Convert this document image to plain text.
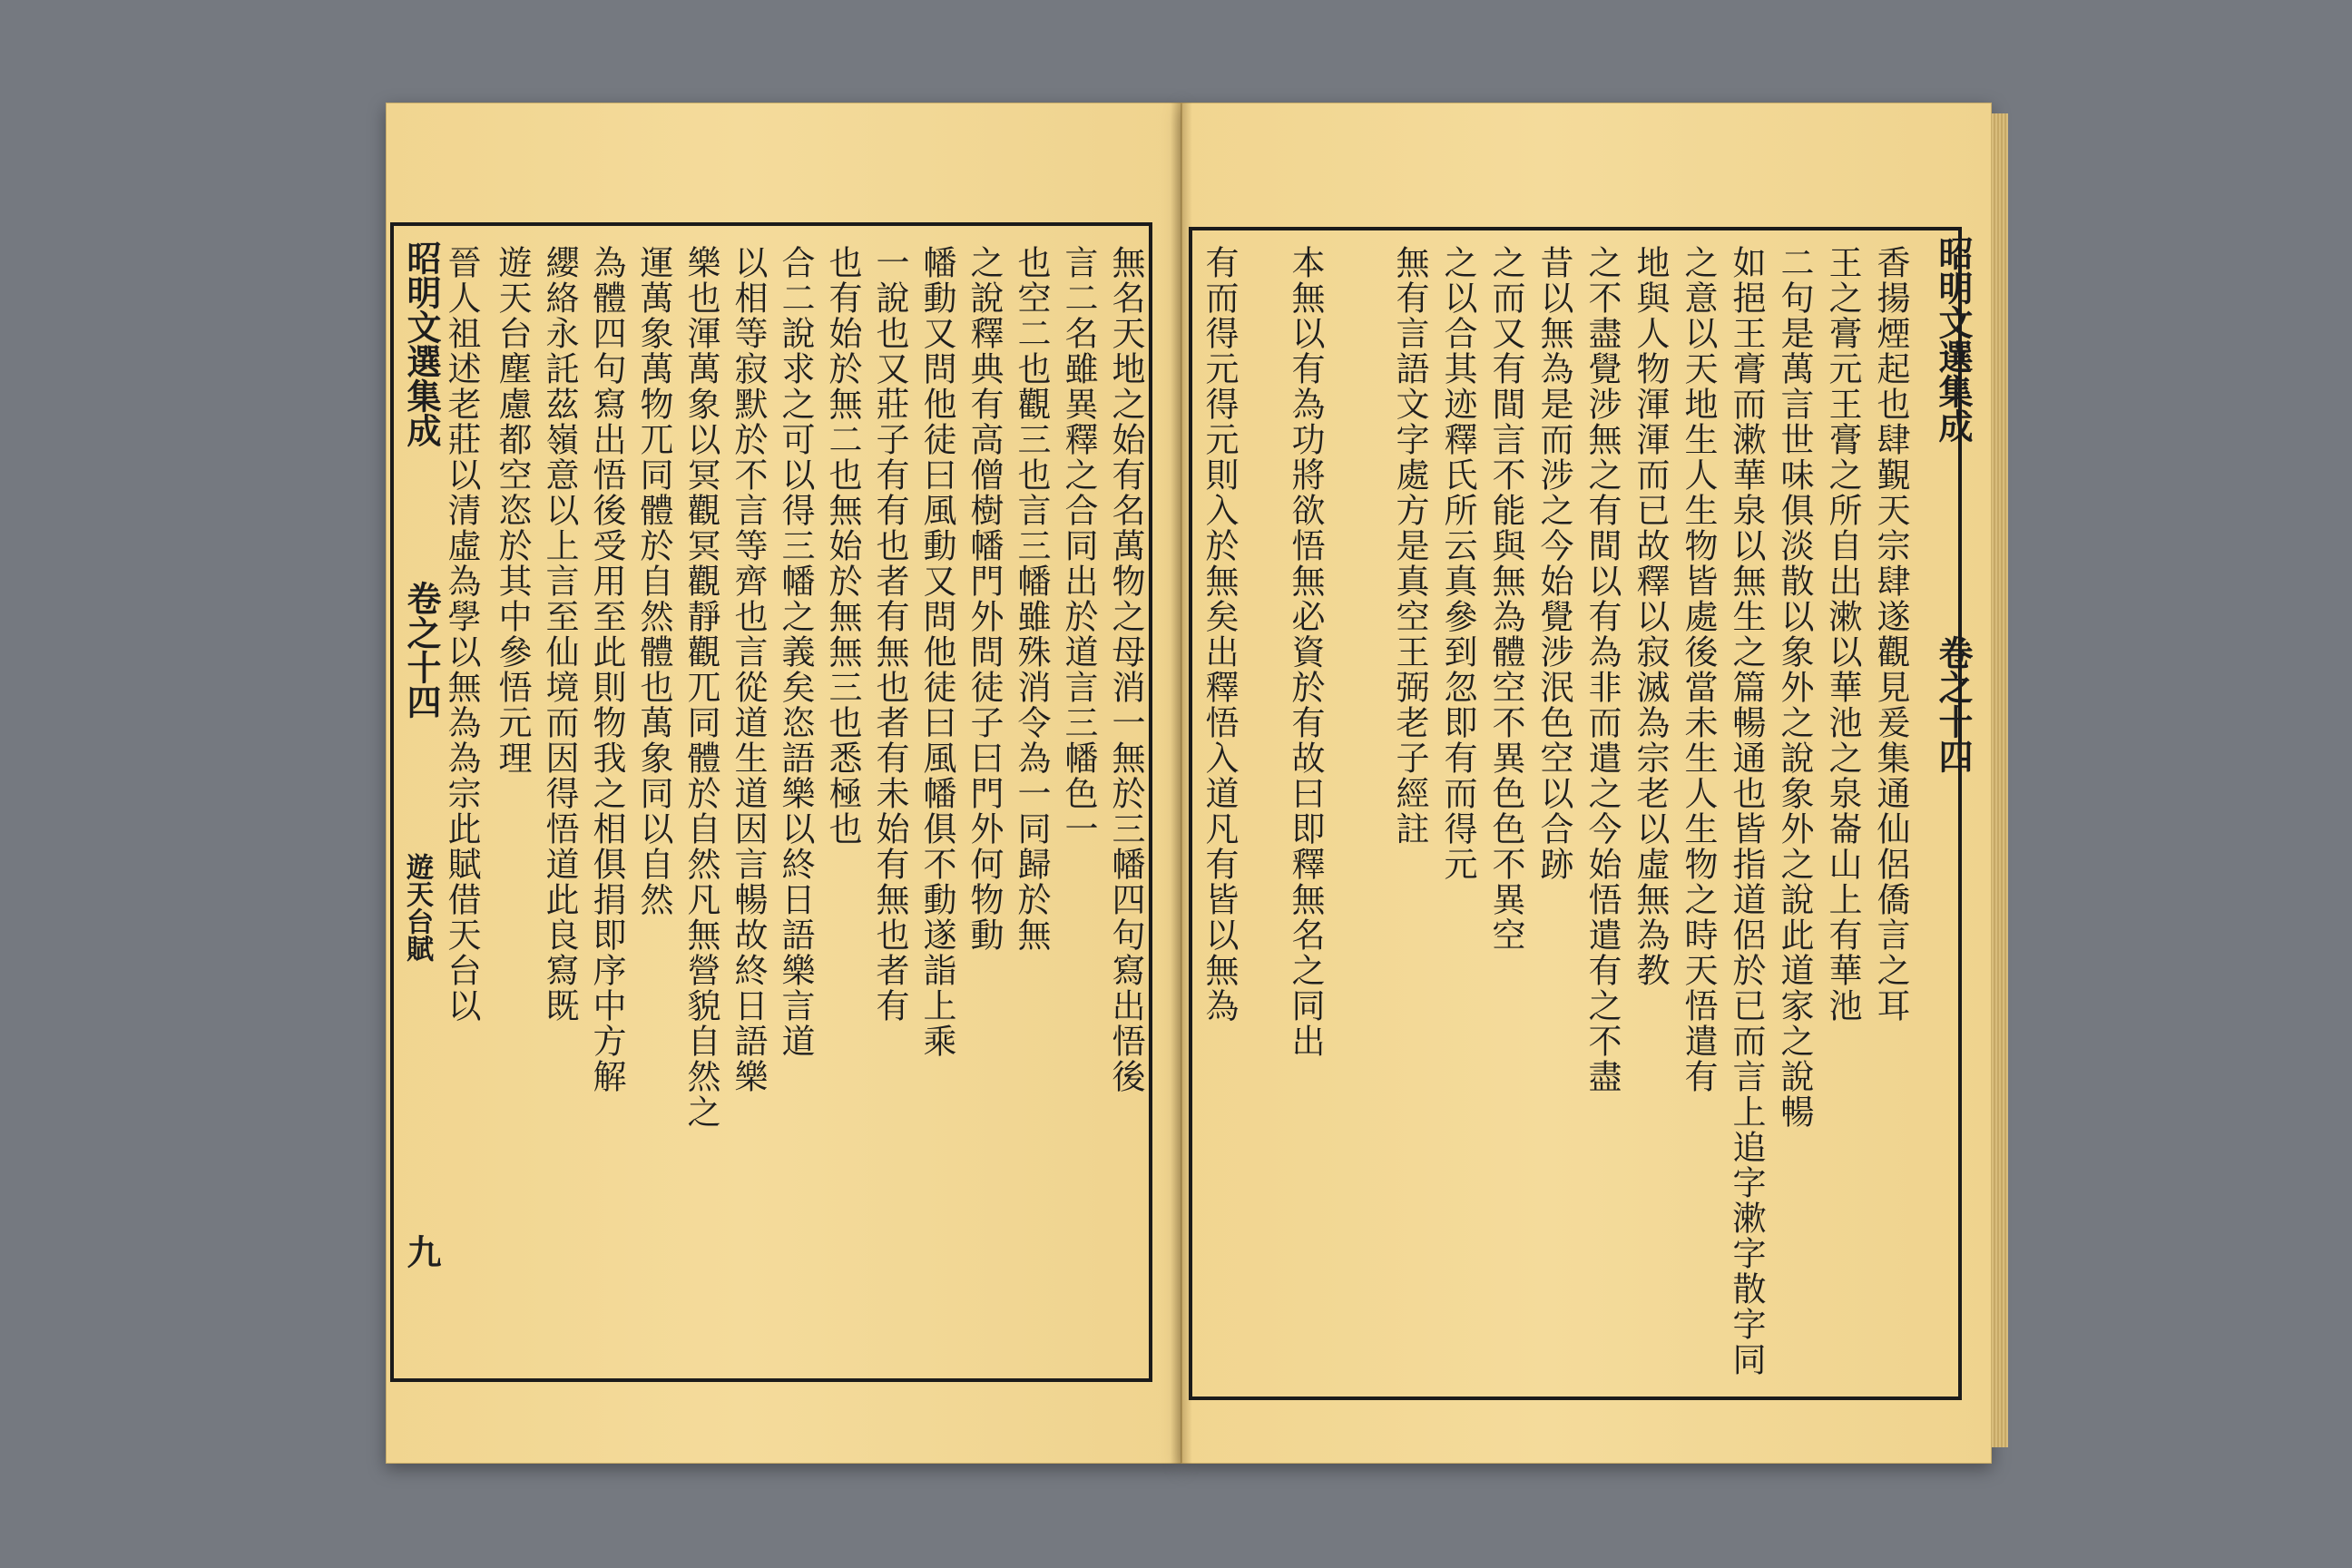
香揚煙起也肆覲天宗肆遂觀見爰集通仙侶僑言之耳
王之膏元王膏之所自出漱以華池之泉崙山上有華池
二句是萬言世味俱淡散以象外之說象外之說此道家之說暢
如挹王膏而漱華泉以無生之篇暢通也皆指道侶於已而言上追字漱字散字同
之意以天地生人生物皆處後當未生人生物之時天悟遣有
地與人物渾渾而已故釋以寂滅為宗老以虛無為教
之不盡覺涉無之有間以有為非而遣之今始悟遣有之不盡
昔以無為是而涉之今始覺涉泯色空以合跡
之而又有間言不能與無為體空不異色色不異空
之以合其迹釋氏所云真參到忽即有而得元
無有言語文字處方是真空王弼老子經註
本無以有為功將欲悟無必資於有故曰即釋無名之同出
有而得元得元則入於無矣出釋悟入道凡有皆以無為	昭明文選集成
卷之十四
無名天地之始有名萬物之母消一無於三幡四句寫出悟後
言二名雖異釋之合同出於道言三幡色一
也空二也觀三也言三幡雖殊消令為一同歸於無
之說釋典有高僧樹幡門外問徒子曰門外何物動
幡動又問他徒曰風動又問他徒曰風幡俱不動遂詣上乘
一說也又莊子有有也者有無也者有未始有無也者有
也有始於無二也無始於無無三也悉極也
合二說求之可以得三幡之義矣恣語樂以終日語樂言道
以相等寂默於不言等齊也言從道生道因言暢故終日語樂
樂也渾萬象以冥觀冥觀靜觀兀同體於自然凡無營貌自然之
運萬象萬物兀同體於自然體也萬象同以自然
為體四句寫出悟後受用至此則物我之相俱捐即序中方解
纓絡永託茲嶺意以上言至仙境而因得悟道此良寫既
遊天台塵慮都空恣於其中參悟元理
晉人祖述老莊以清虛為學以無為為宗此賦借天台以
昭明文選集成
卷之十四
遊天台賦
九
